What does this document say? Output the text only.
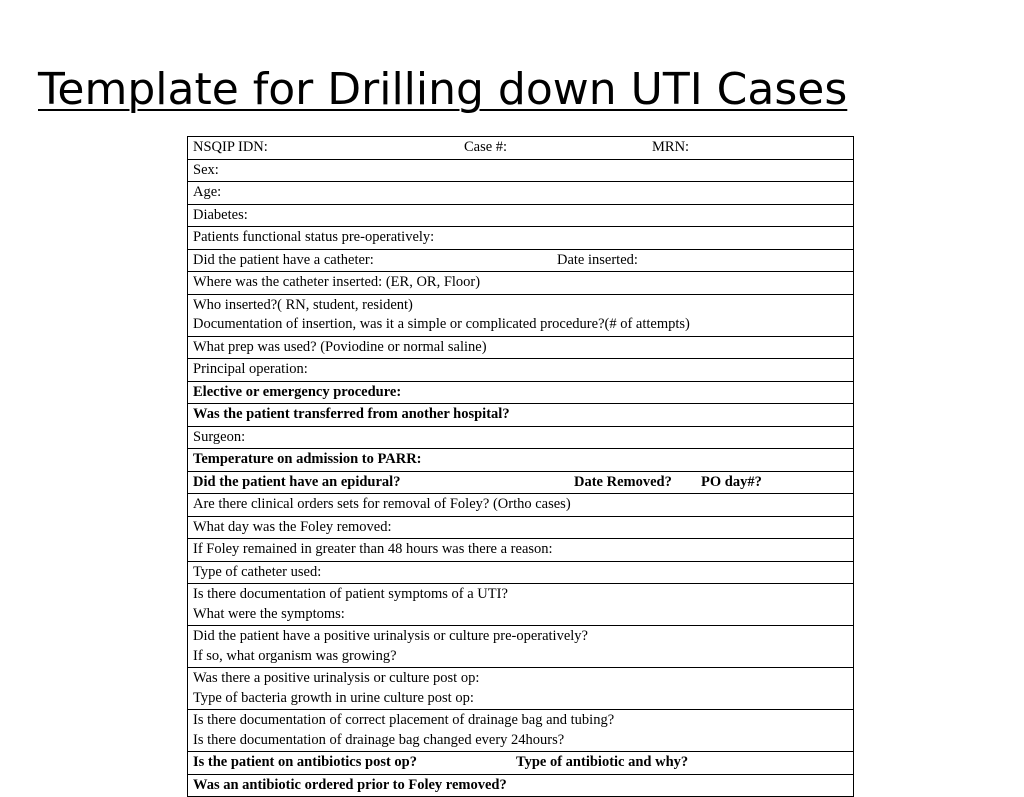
Template for Drilling down UTI Cases
NSQIP IDN:	Case #:	MRN:

Sex:

Age:

Diabetes:

Patients functional status pre-operatively:

Did the patient have a catheter:	Date inserted:

Where was the catheter inserted: (ER, OR, Floor)

Who inserted?( RN, student, resident)
Documentation of insertion, was it a simple or complicated procedure?(# of attempts)

What prep was used? (Poviodine or normal saline)

Principal operation:

Elective or emergency procedure:

Was the patient transferred from another hospital?

Surgeon:

Temperature on admission to PARR:

Did the patient have an epidural?	Date Removed? PO day#?

Are there clinical orders sets for removal of Foley? (Ortho cases)

What day was the Foley removed:

If Foley remained in greater than 48 hours was there a reason:

Type of catheter used:

Is there documentation of patient symptoms of a UTI?
What were the symptoms:

Did the patient have a positive urinalysis or culture pre-operatively?
If so, what organism was growing?

Was there a positive urinalysis or culture post op:
Type of bacteria growth in urine culture post op:

Is there documentation of correct placement of drainage bag and tubing?
Is there documentation of drainage bag changed every 24hours?

Is the patient on antibiotics post op?	Type of antibiotic and why?

Was an antibiotic ordered prior to Foley removed?
